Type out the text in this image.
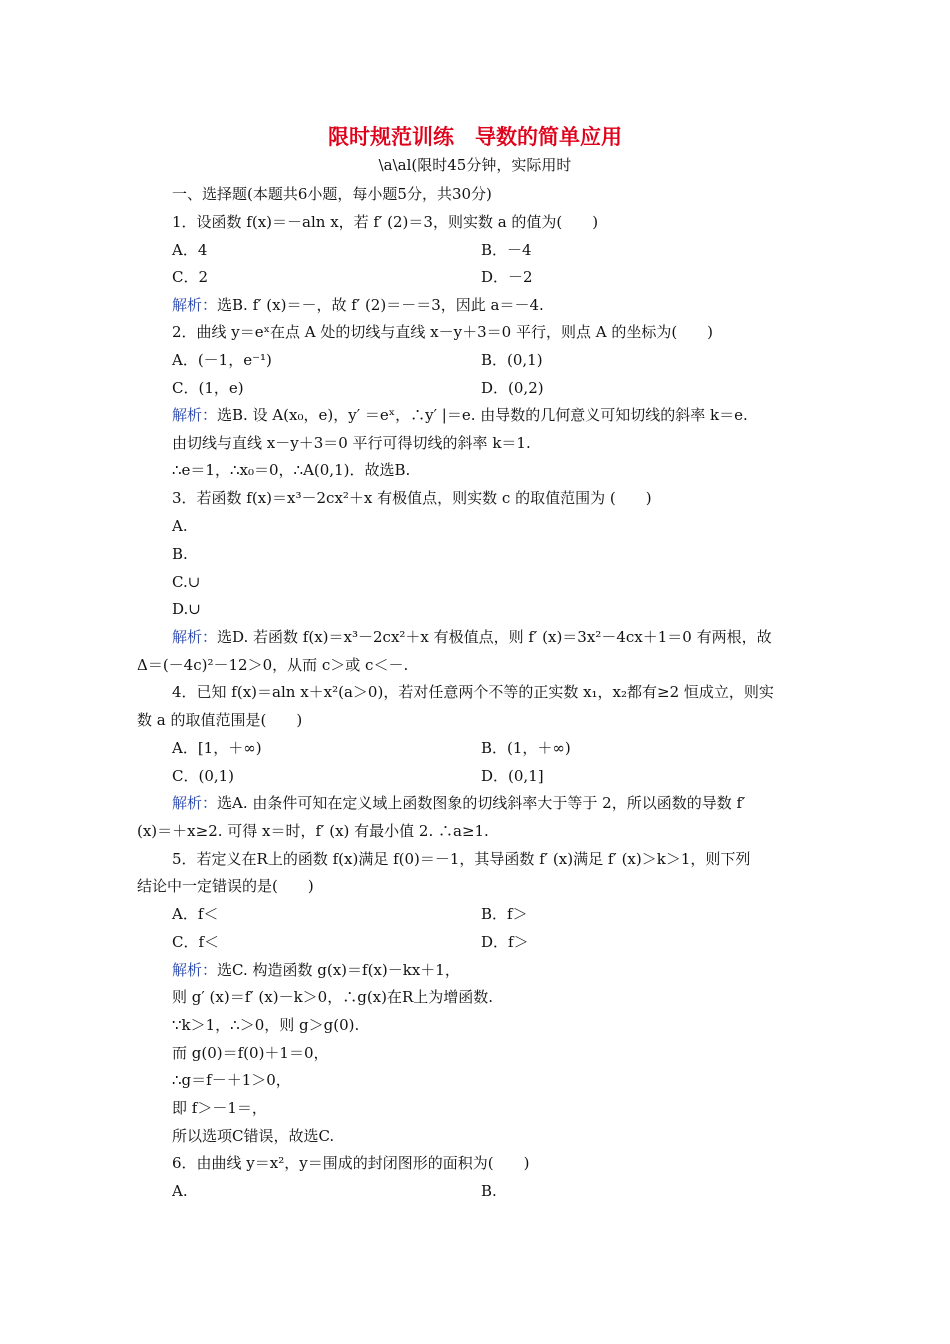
限时规范训练　导数的简单应用
\a\al(限时45分钟，实际用时
一、选择题(本题共6小题，每小题5分，共30分)
1．设函数 f(x)＝－aln x，若 f′ (2)＝3，则实数 a 的值为(　　)
A．4	B．－4
C．2	D．－2
解析：选B. f′ (x)＝－，故 f′ (2)＝－＝3，因此 a＝－4.
2．曲线 y＝eˣ在点 A 处的切线与直线 x－y＋3＝0 平行，则点 A 的坐标为(　　)
A．(－1，e⁻¹)	B．(0,1)
C．(1，e)	D．(0,2)
解析：选B. 设 A(x₀，e)，y′ ＝eˣ，∴y′ |＝e. 由导数的几何意义可知切线的斜率 k＝e.
由切线与直线 x－y＋3＝0 平行可得切线的斜率 k＝1.
∴e＝1，∴x₀＝0，∴A(0,1)．故选B.
3．若函数 f(x)＝x³－2cx²＋x 有极值点，则实数 c 的取值范围为 (　　)
A.
B.
C.∪
D.∪
解析：选D. 若函数 f(x)＝x³－2cx²＋x 有极值点，则 f′ (x)＝3x²－4cx＋1＝0 有两根，故
Δ＝(－4c)²－12＞0，从而 c＞或 c＜－.
4．已知 f(x)＝aln x＋x²(a＞0)，若对任意两个不等的正实数 x₁，x₂都有≥2 恒成立，则实
数 a 的取值范围是(　　)
A．[1，＋∞)	B．(1，＋∞)
C．(0,1)	D．(0,1]
解析：选A. 由条件可知在定义域上函数图象的切线斜率大于等于 2，所以函数的导数 f′
(x)＝＋x≥2. 可得 x＝时，f′ (x) 有最小值 2. ∴a≥1.
5．若定义在R上的函数 f(x)满足 f(0)＝－1，其导函数 f′ (x)满足 f′ (x)＞k＞1，则下列
结论中一定错误的是(　　)
A．f＜	B．f＞
C．f＜	D．f＞
解析：选C. 构造函数 g(x)＝f(x)－kx＋1，
则 g′ (x)＝f′ (x)－k＞0，∴g(x)在R上为增函数.
∵k＞1，∴＞0，则 g＞g(0).
而 g(0)＝f(0)＋1＝0，
∴g＝f－＋1＞0，
即 f＞－1＝，
所以选项C错误，故选C.
6．由曲线 y＝x²，y＝围成的封闭图形的面积为(　　)
A.	B.
